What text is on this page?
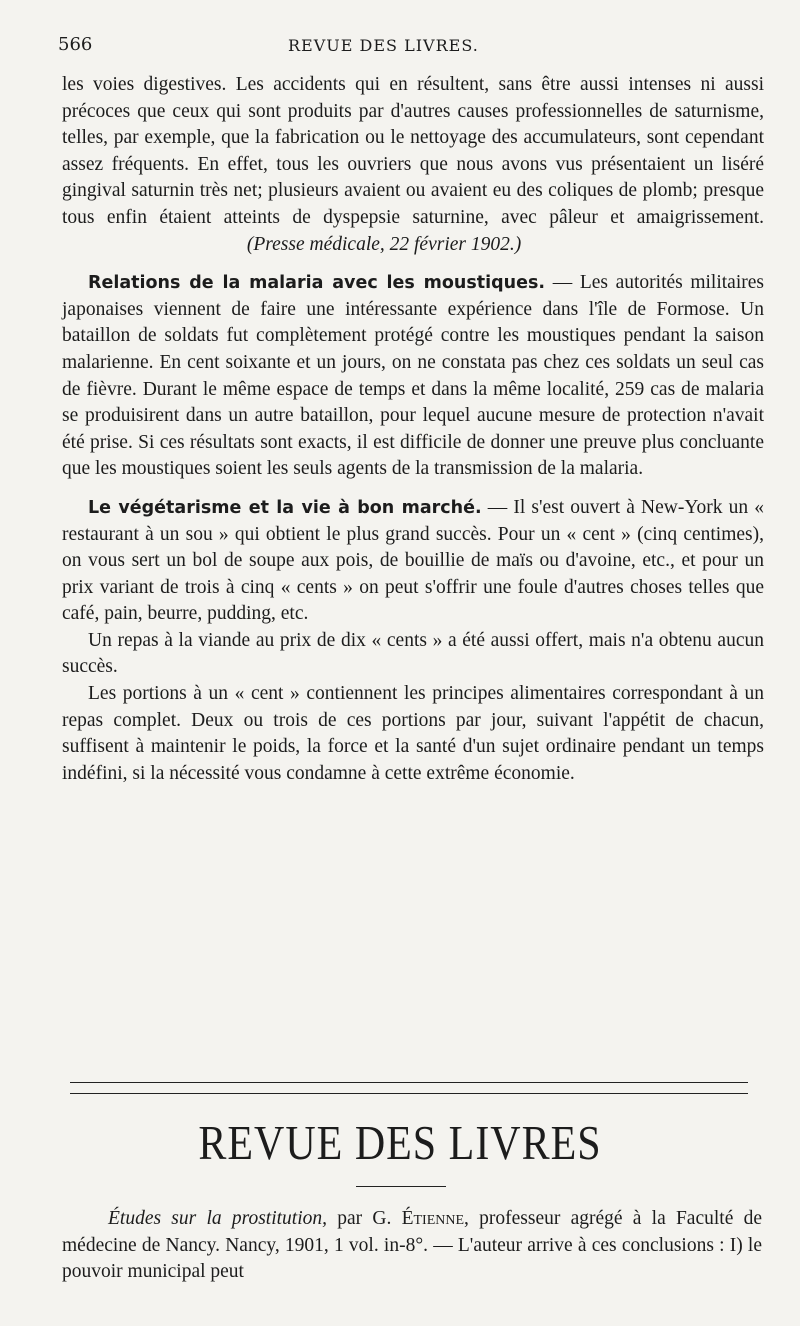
566	REVUE DES LIVRES.

les voies digestives. Les accidents qui en résultent, sans être aussi intenses ni aussi précoces que ceux qui sont produits par d'autres causes professionnelles de saturnisme, telles, par exemple, que la fabrication ou le nettoyage des accumulateurs, sont cependant assez fréquents. En effet, tous les ouvriers que nous avons vus présentaient un liséré gingival saturnin très net; plusieurs avaient ou avaient eu des coliques de plomb; presque tous enfin étaient atteints de dyspepsie saturnine, avec pâleur et amaigrissement.  (Presse médicale, 22 février 1902.)

Relations de la malaria avec les moustiques. — Les autorités militaires japonaises viennent de faire une intéressante expérience dans l'île de Formose. Un bataillon de soldats fut complètement protégé contre les moustiques pendant la saison malarienne. En cent soixante et un jours, on ne constata pas chez ces soldats un seul cas de fièvre. Durant le même espace de temps et dans la même localité, 259 cas de malaria se produisirent dans un autre bataillon, pour lequel aucune mesure de protection n'avait été prise. Si ces résultats sont exacts, il est difficile de donner une preuve plus concluante que les moustiques soient les seuls agents de la transmission de la malaria.

Le végétarisme et la vie à bon marché. — Il s'est ouvert à New-York un « restaurant à un sou » qui obtient le plus grand succès. Pour un « cent » (cinq centimes), on vous sert un bol de soupe aux pois, de bouillie de maïs ou d'avoine, etc., et pour un prix variant de trois à cinq « cents » on peut s'offrir une foule d'autres choses telles que café, pain, beurre, pudding, etc.

Un repas à la viande au prix de dix « cents » a été aussi offert, mais n'a obtenu aucun succès.

Les portions à un « cent » contiennent les principes alimentaires correspondant à un repas complet. Deux ou trois de ces portions par jour, suivant l'appétit de chacun, suffisent à maintenir le poids, la force et la santé d'un sujet ordinaire pendant un temps indéfini, si la nécessité vous condamne à cette extrême économie.

REVUE DES LIVRES

Études sur la prostitution, par G. Étienne, professeur agrégé à la Faculté de médecine de Nancy. Nancy, 1901, 1 vol. in-8°. — L'auteur arrive à ces conclusions : I) le pouvoir municipal peut
